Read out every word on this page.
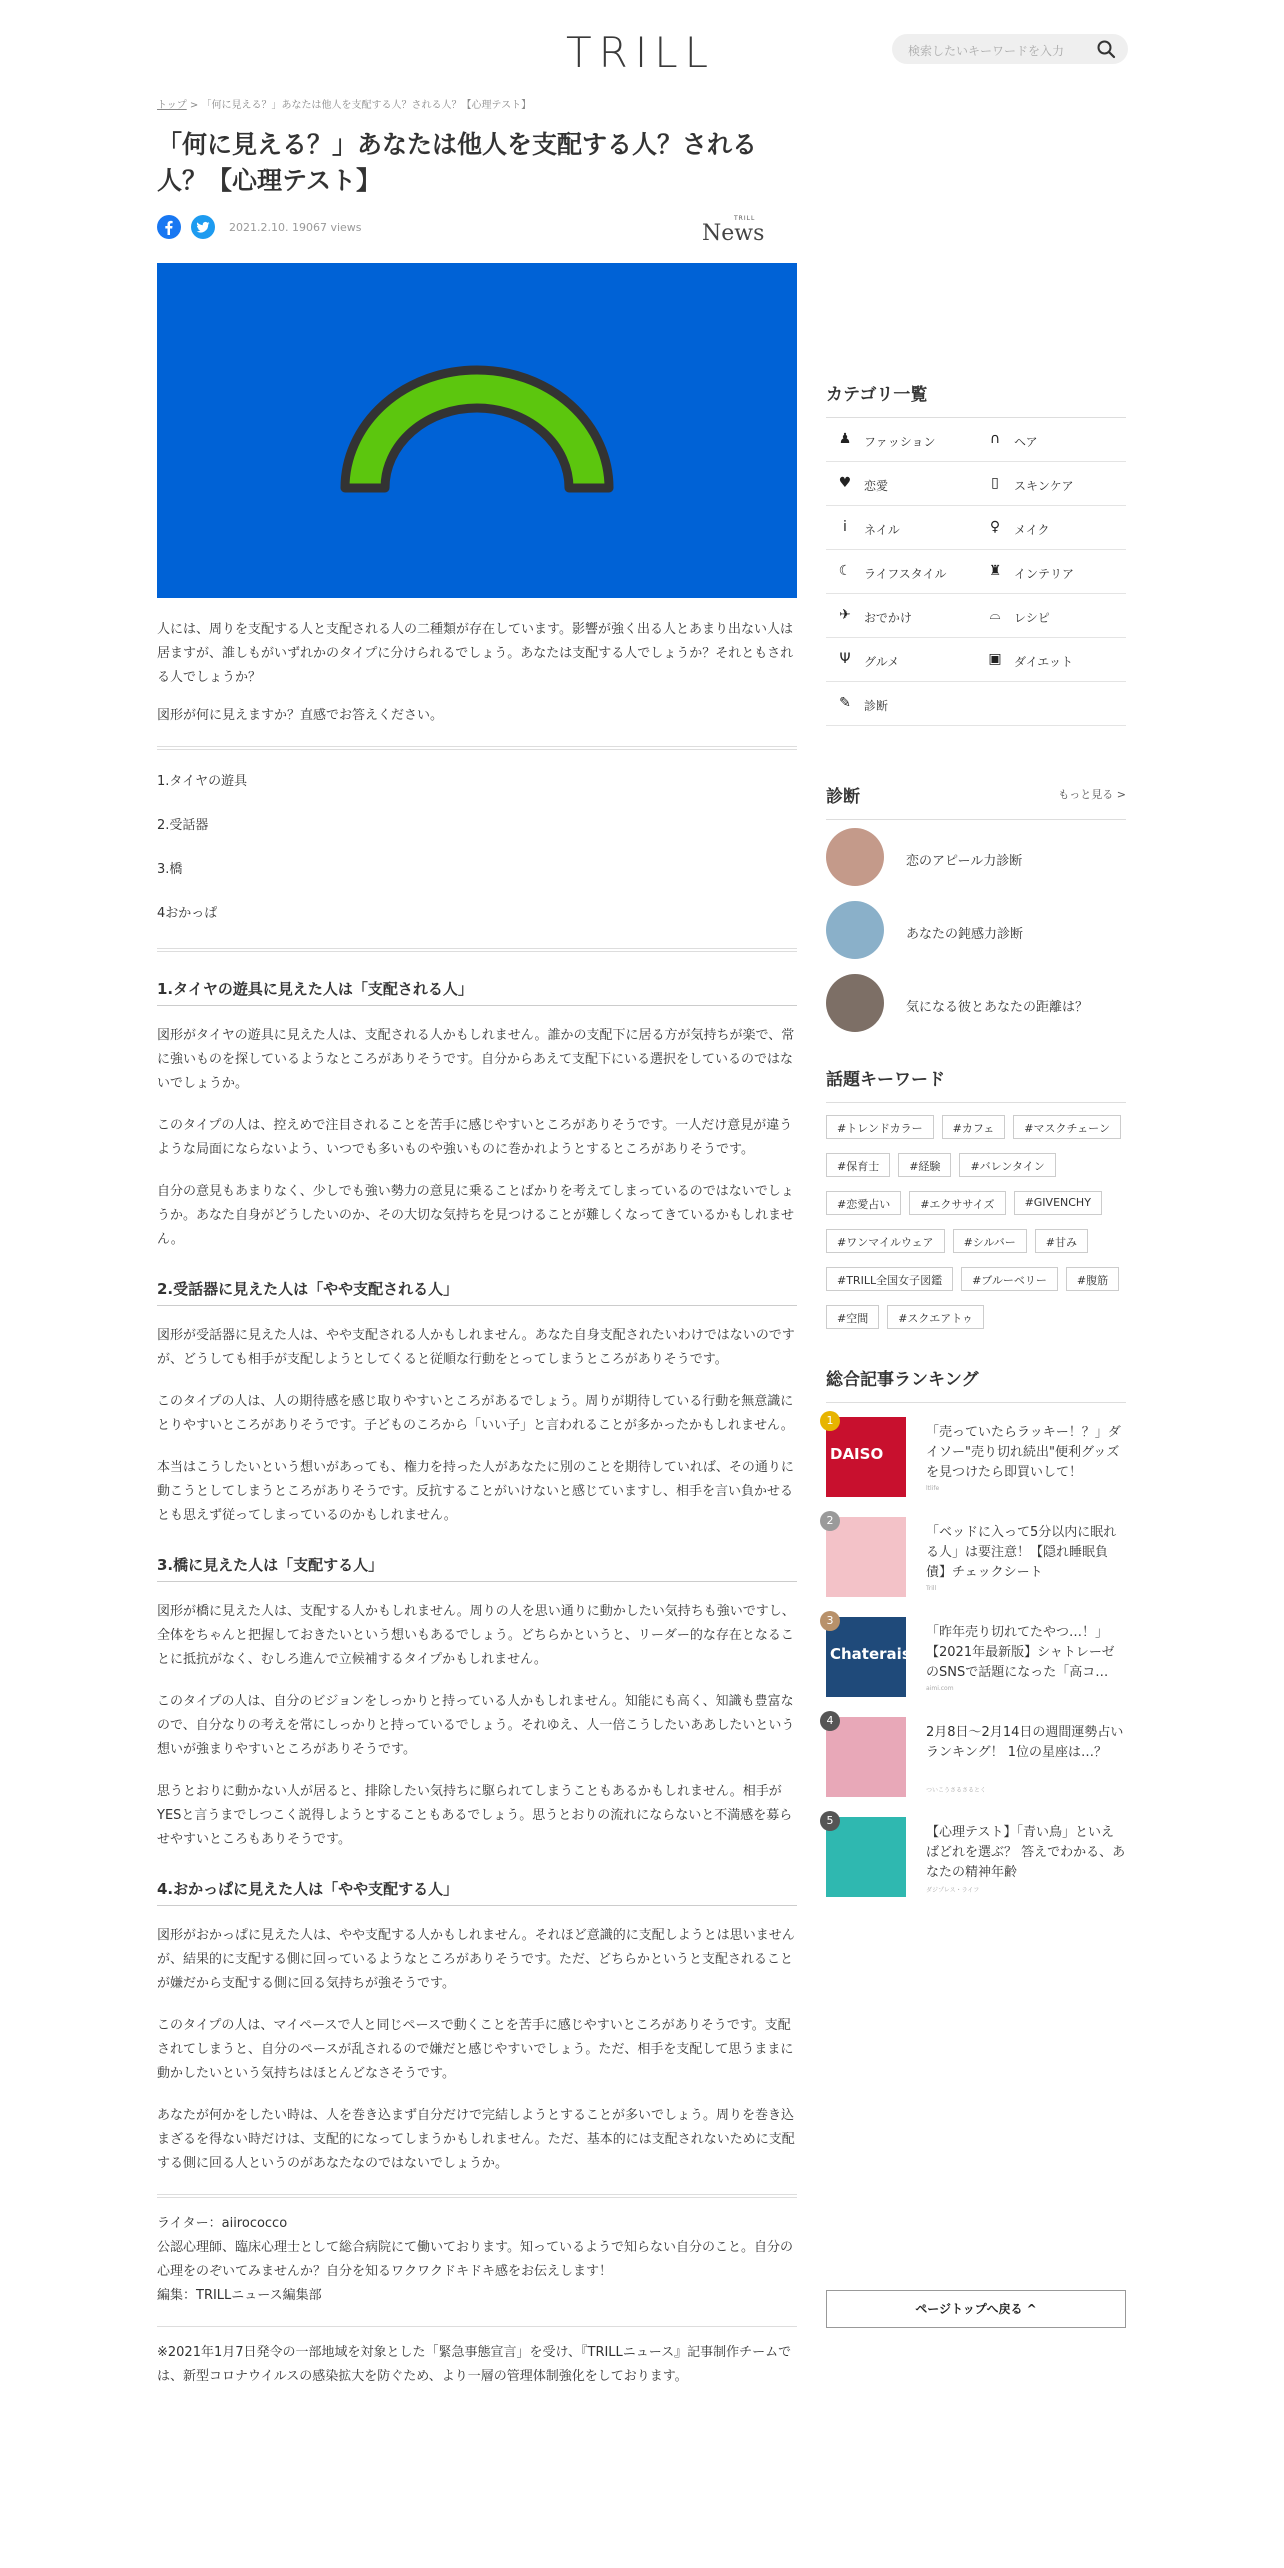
TRILL	検索したいキーワードを入力
トップ > 「何に見える？」あなたは他人を支配する人？される人？【心理テスト】
「何に見える？」あなたは他人を支配する人？される人？【心理テスト】
2021.2.10. 19067 views
TRILL
News

人には、周りを支配する人と支配される人の二種類が存在しています。影響が強く出る人とあまり出ない人は居ますが、誰しもがいずれかのタイプに分けられるでしょう。あなたは支配する人でしょうか？それともされる人でしょうか？

図形が何に見えますか？直感でお答えください。

1.タイヤの遊具
2.受話器
3.橋
4おかっぱ
1.タイヤの遊具に見えた人は「支配される人」

図形がタイヤの遊具に見えた人は、支配される人かもしれません。誰かの支配下に居る方が気持ちが楽で、常に強いものを探しているようなところがありそうです。自分からあえて支配下にいる選択をしているのではないでしょうか。

このタイプの人は、控えめで注目されることを苦手に感じやすいところがありそうです。一人だけ意見が違うような局面にならないよう、いつでも多いものや強いものに巻かれようとするところがありそうです。

自分の意見もあまりなく、少しでも強い勢力の意見に乗ることばかりを考えてしまっているのではないでしょうか。あなた自身がどうしたいのか、その大切な気持ちを見つけることが難しくなってきているかもしれません。

2.受話器に見えた人は「やや支配される人」

図形が受話器に見えた人は、やや支配される人かもしれません。あなた自身支配されたいわけではないのですが、どうしても相手が支配しようとしてくると従順な行動をとってしまうところがありそうです。

このタイプの人は、人の期待感を感じ取りやすいところがあるでしょう。周りが期待している行動を無意識にとりやすいところがありそうです。子どものころから「いい子」と言われることが多かったかもしれません。

本当はこうしたいという想いがあっても、権力を持った人があなたに別のことを期待していれば、その通りに動こうとしてしまうところがありそうです。反抗することがいけないと感じていますし、相手を言い負かせるとも思えず従ってしまっているのかもしれません。

3.橋に見えた人は「支配する人」

図形が橋に見えた人は、支配する人かもしれません。周りの人を思い通りに動かしたい気持ちも強いですし、全体をちゃんと把握しておきたいという想いもあるでしょう。どちらかというと、リーダー的な存在となることに抵抗がなく、むしろ進んで立候補するタイプかもしれません。

このタイプの人は、自分のビジョンをしっかりと持っている人かもしれません。知能にも高く、知識も豊富なので、自分なりの考えを常にしっかりと持っているでしょう。それゆえ、人一倍こうしたいああしたいという想いが強まりやすいところがありそうです。

思うとおりに動かない人が居ると、排除したい気持ちに駆られてしまうこともあるかもしれません。相手がYESと言うまでしつこく説得しようとすることもあるでしょう。思うとおりの流れにならないと不満感を募らせやすいところもありそうです。

4.おかっぱに見えた人は「やや支配する人」

図形がおかっぱに見えた人は、やや支配する人かもしれません。それほど意識的に支配しようとは思いませんが、結果的に支配する側に回っているようなところがありそうです。ただ、どちらかというと支配されることが嫌だから支配する側に回る気持ちが強そうです。

このタイプの人は、マイペースで人と同じペースで動くことを苦手に感じやすいところがありそうです。支配されてしまうと、自分のペースが乱されるので嫌だと感じやすいでしょう。ただ、相手を支配して思うままに動かしたいという気持ちはほとんどなさそうです。

あなたが何かをしたい時は、人を巻き込まず自分だけで完結しようとすることが多いでしょう。周りを巻き込まざるを得ない時だけは、支配的になってしまうかもしれません。ただ、基本的には支配されないために支配する側に回る人というのがあなたなのではないでしょうか。

ライター：aiirococco
公認心理師、臨床心理士として総合病院にて働いております。知っているようで知らない自分のこと。自分の心理をのぞいてみませんか？自分を知るワクワクドキドキ感をお伝えします！
編集：TRILLニュース編集部

※2021年1月7日発令の一部地域を対象とした「緊急事態宣言」を受け、『TRILLニュース』記事制作チームでは、新型コロナウイルスの感染拡大を防ぐため、より一層の管理体制強化をしております。

カテゴリ一覧
♟ ファッション	∩ ヘア
♥ 恋愛	▯ スキンケア
ⅰ	ネイル	♀ メイク
☾ ライフスタイル	♜ インテリア
✈ おでかけ	⌓ レシピ
Ψ グルメ	▣ ダイエット
✎ 診断
診断	もっと見る >
恋のアピール力診断
あなたの鈍感力診断
気になる彼とあなたの距離は？
話題キーワード
#トレンドカラー	#カフェ	#マスクチェーン
#保育士	#経験	#バレンタイン
#恋愛占い	#エクササイズ	#GIVENCHY
#ワンマイルウェア	#シルバー	#甘み
#TRILL全国女子図鑑	#ブルーベリー	#腹筋
#空間	#スクエアトゥ
総合記事ランキング
DAISO
1
「売っていたらラッキー！？」ダイソー"売り切れ続出"便利グッズを見つけたら即買いして！
ltlife
2
「ベッドに入って5分以内に眠れる人」は要注意！【隠れ睡眠負債】チェックシート
Trill
Chateraisé
3
「昨年売り切れてたやつ…！」【2021年最新版】シャトレーゼのSNSで話題になった「高コ…
aimi.com
4
2月8日～2月14日の週間運勢占いランキング！ 1位の星座は…？
ついこうさるさるとく
5
【心理テスト】「青い鳥」といえばどれを選ぶ？ 答えでわかる、あなたの精神年齢
ダジプレス・ライフ
ページトップへ戻る ^
